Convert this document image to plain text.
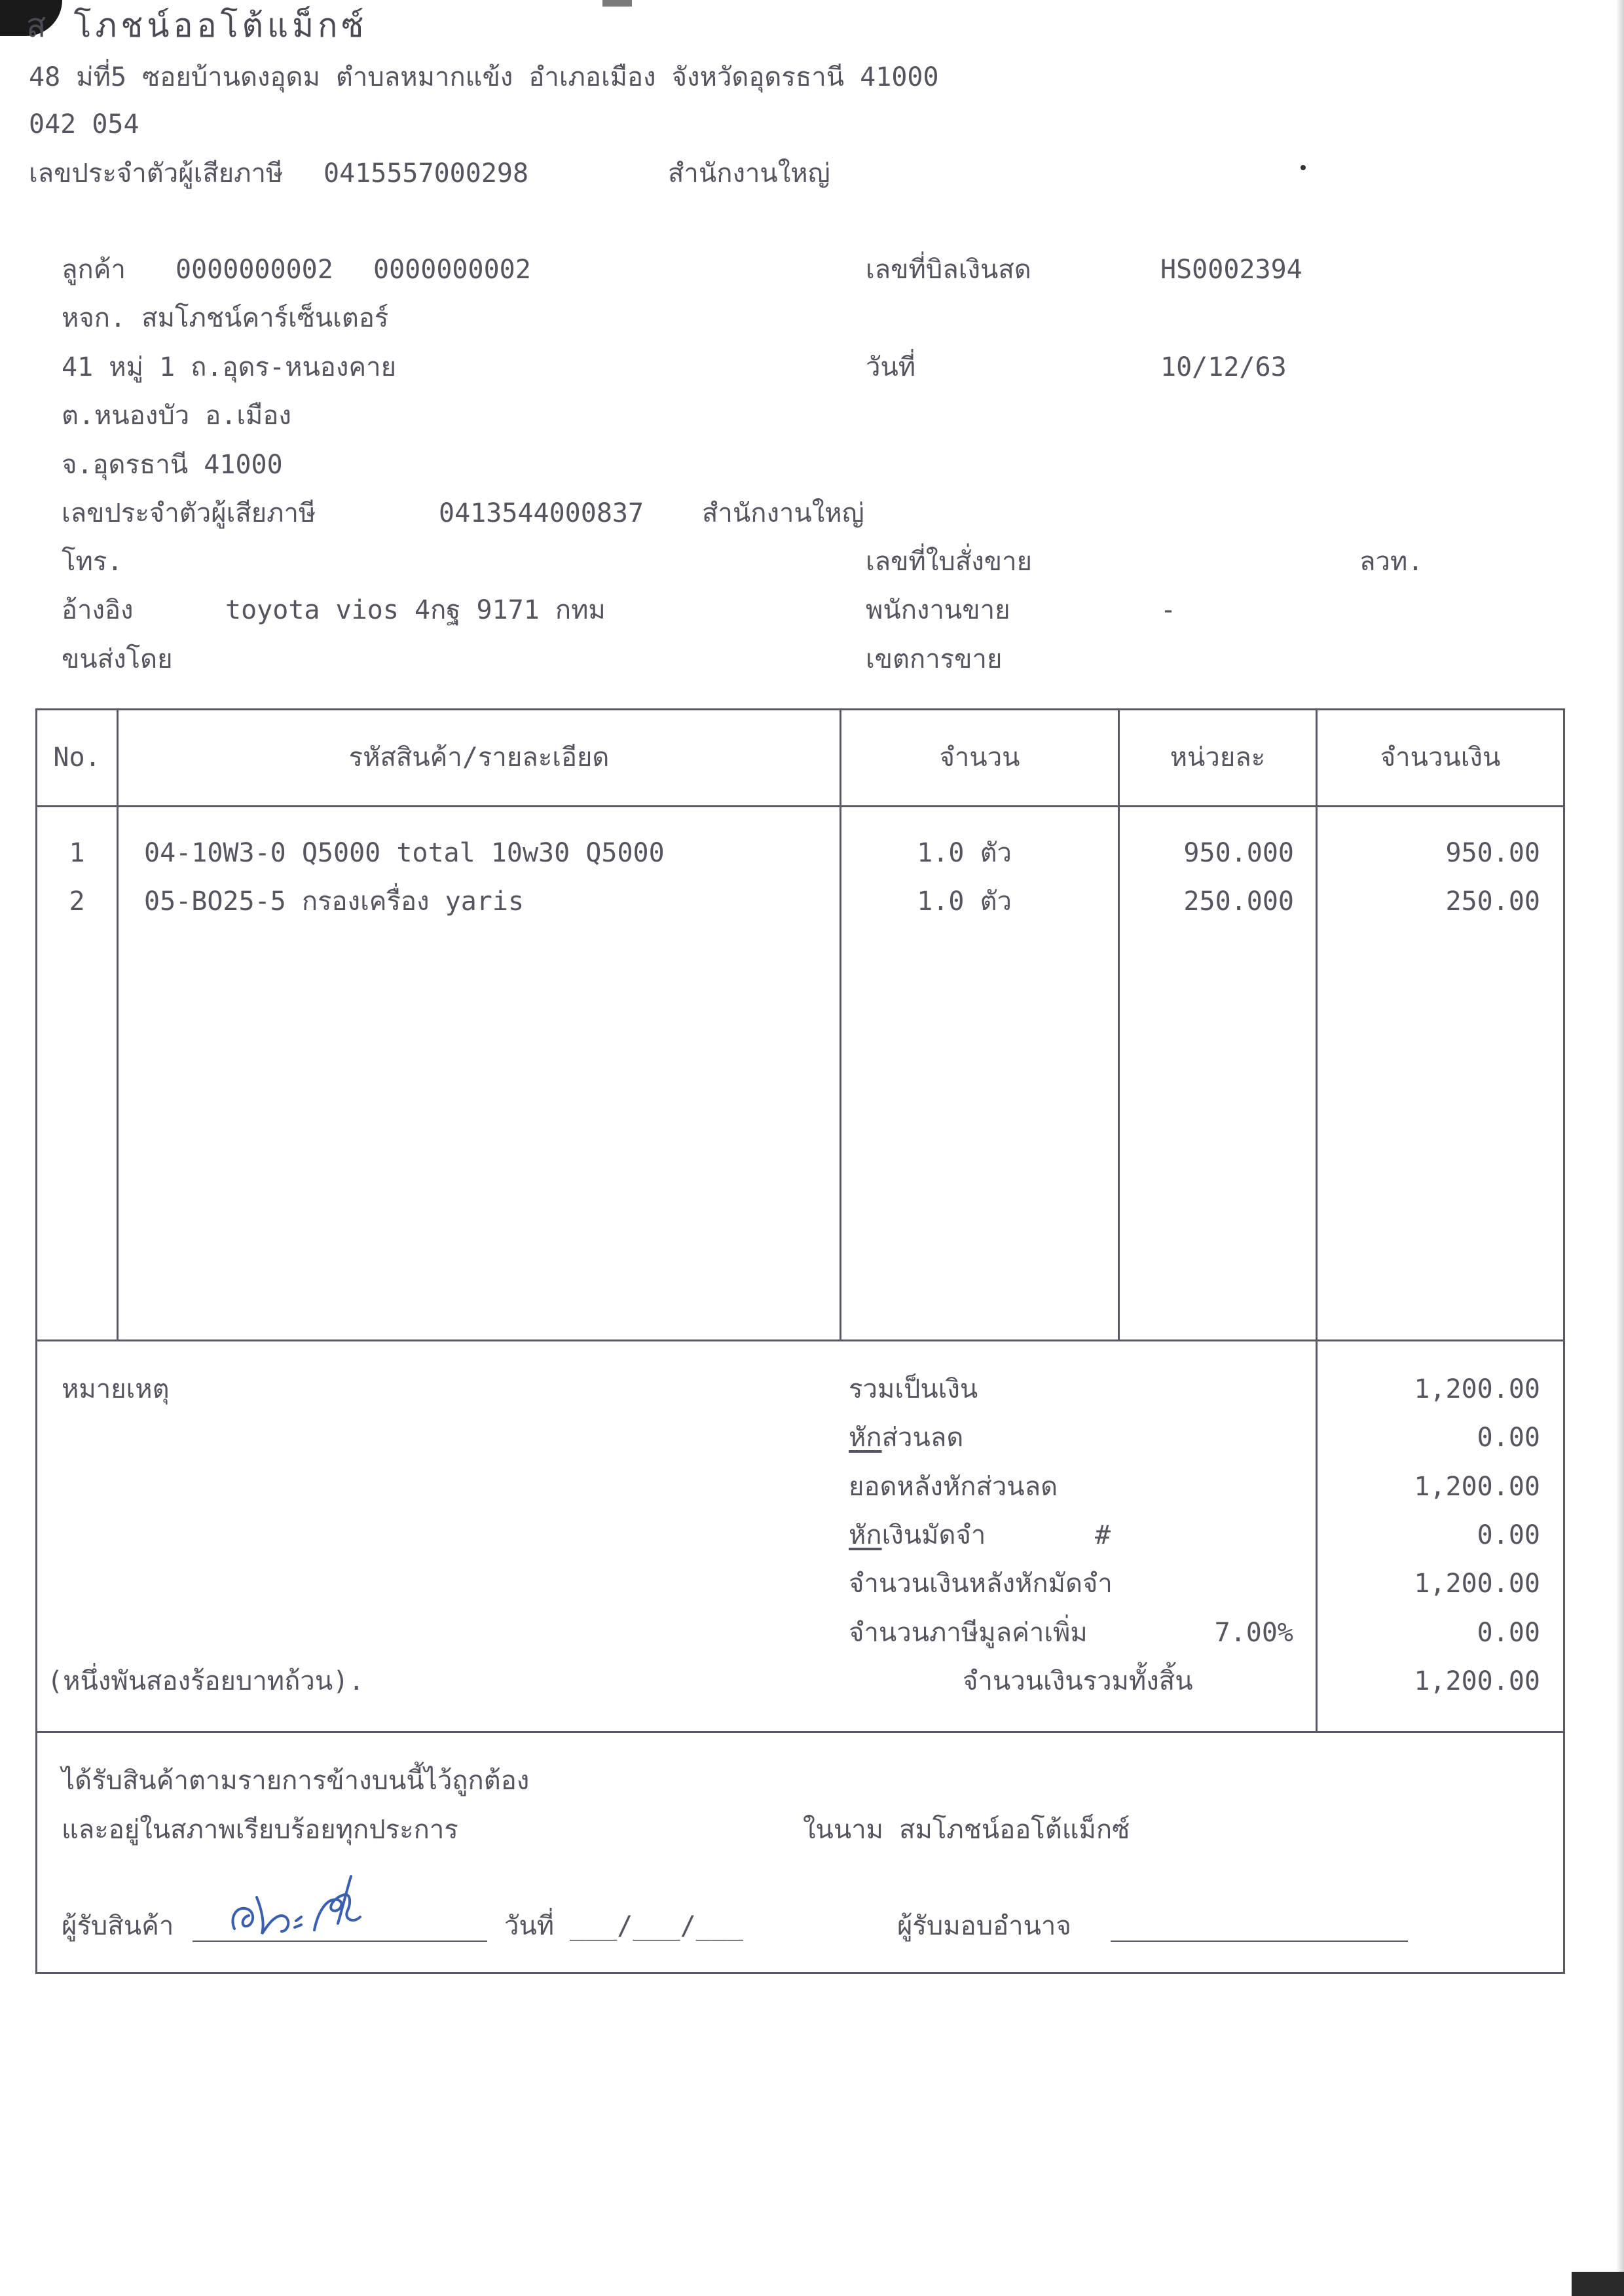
ส โภชน์ออโต้แม็กซ์
48 ม่ที่5 ซอยบ้านดงอุดม ตำบลหมากแข้ง อำเภอเมือง จังหวัดอุดรธานี 41000
042 054
เลขประจำตัวผู้เสียภาษี 0415557000298	สำนักงานใหญ่
ลูกค้า 0000000002 0000000002
หจก. สมโภชน์คาร์เซ็นเตอร์
41 หมู่ 1 ถ.อุดร-หนองคาย
ต.หนองบัว อ.เมือง
จ.อุดรธานี 41000
เลขประจำตัวผู้เสียภาษี	0413544000837 สำนักงานใหญ่
โทร.
อ้างอิง	toyota vios 4กฐ 9171 กทม
ขนส่งโดย
เลขที่บิลเงินสด	HS0002394
วันที่	10/12/63
เลขที่ใบสั่งขาย	ลวท.
พนักงานขาย	-
เขตการขาย
No.	รหัสสินค้า/รายละเอียด	จำนวน	หน่วยละ	จำนวนเงิน
1	04-10W3-0 Q5000 total 10w30 Q5000	1.0 ตัว	950.000	950.00
2	05-BO25-5 กรองเครื่อง yaris	1.0 ตัว	250.000	250.00
หมายเหตุ	รวมเป็นเงิน	1,200.00
หักส่วนลด	0.00
ยอดหลังหักส่วนลด	1,200.00
หักเงินมัดจำ	#	0.00
จำนวนเงินหลังหักมัดจำ	1,200.00
จำนวนภาษีมูลค่าเพิ่ม	7.00%	0.00
(หนึ่งพันสองร้อยบาทถ้วน).	จำนวนเงินรวมทั้งสิ้น	1,200.00
ได้รับสินค้าตามรายการข้างบนนี้ไว้ถูกต้อง
และอยู่ในสภาพเรียบร้อยทุกประการ	ในนาม สมโภชน์ออโต้แม็กซ์
ผู้รับสินค้า	วันที่ ___/___/___	ผู้รับมอบอำนาจ
